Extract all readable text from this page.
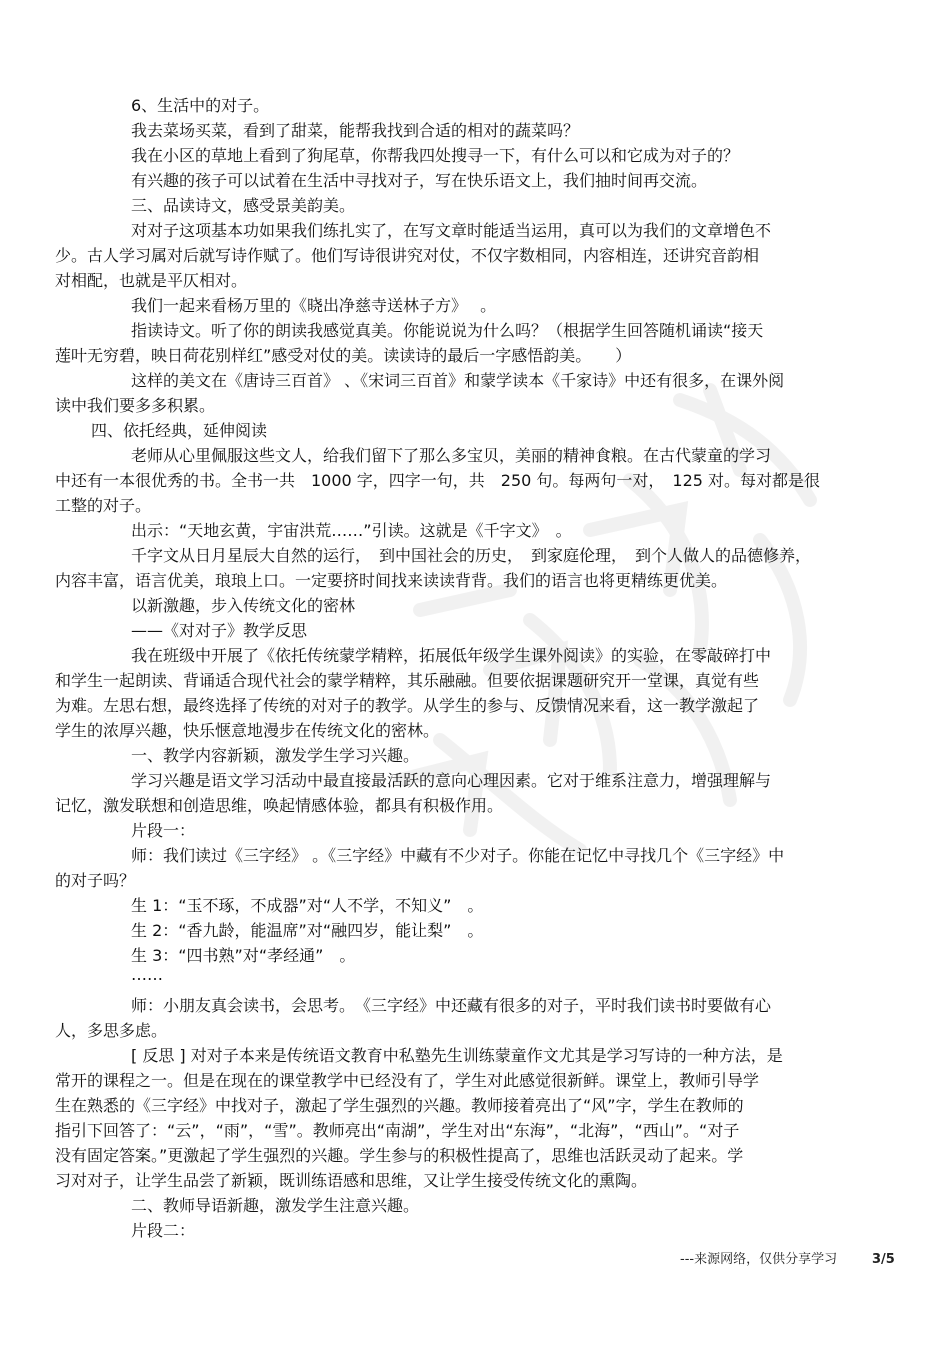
6、生活中的对子。
我去菜场买菜，看到了甜菜，能帮我找到合适的相对的蔬菜吗？
我在小区的草地上看到了狗尾草，你帮我四处搜寻一下，有什么可以和它成为对子的？
有兴趣的孩子可以试着在生活中寻找对子，写在快乐语文上，我们抽时间再交流。
三、品读诗文，感受景美韵美。
对对子这项基本功如果我们练扎实了，在写文章时能适当运用，真可以为我们的文章增色不
少。古人学习属对后就写诗作赋了。他们写诗很讲究对仗，不仅字数相同，内容相连，还讲究音韵相
对相配，也就是平仄相对。
我们一起来看杨万里的《晓出净慈寺送林子方》　 。
指读诗文。听了你的朗读我感觉真美。你能说说为什么吗？（根据学生回答随机诵读“接天
莲叶无穷碧，映日荷花别样红”感受对仗的美。读读诗的最后一字感悟韵美。　　）
这样的美文在《唐诗三百首》 、《宋词三百首》和蒙学读本《千家诗》中还有很多，在课外阅
读中我们要多多积累。
四、依托经典，延伸阅读
老师从心里佩服这些文人，给我们留下了那么多宝贝，美丽的精神食粮。在古代蒙童的学习
中还有一本很优秀的书。全书一共　1000 字，四字一句，共　250 句。每两句一对，　125 对。每对都是很
工整的对子。
出示：“天地玄黄，宇宙洪荒……”引读。这就是《千字文》　。
千字文从日月星辰大自然的运行，　到中国社会的历史，　到家庭伦理，　到个人做人的品德修养，
内容丰富，语言优美，琅琅上口。一定要挤时间找来读读背背。我们的语言也将更精练更优美。
以新激趣，步入传统文化的密林
——《对对子》教学反思
我在班级中开展了《依托传统蒙学精粹，拓展低年级学生课外阅读》的实验，在零敲碎打中
和学生一起朗读、背诵适合现代社会的蒙学精粹，其乐融融。但要依据课题研究开一堂课，真觉有些
为难。左思右想，最终选择了传统的对对子的教学。从学生的参与、反馈情况来看，这一教学激起了
学生的浓厚兴趣，快乐惬意地漫步在传统文化的密林。
一、教学内容新颖，激发学生学习兴趣。
学习兴趣是语文学习活动中最直接最活跃的意向心理因素。它对于维系注意力，增强理解与
记忆，激发联想和创造思维，唤起情感体验，都具有积极作用。
片段一：
师：我们读过《三字经》 。《三字经》中藏有不少对子。你能在记忆中寻找几个《三字经》中
的对子吗？
生 1：“玉不琢，不成器”对“人不学，不知义”　。
生 2：“香九龄，能温席”对“融四岁，能让梨”　。
生 3：“四书熟”对“孝经通”　。
……
师：小朋友真会读书，会思考。　《三字经》中还藏有很多的对子，平时我们读书时要做有心
人，多思多虑。
[ 反思 ] 对对子本来是传统语文教育中私塾先生训练蒙童作文尤其是学习写诗的一种方法，是
常开的课程之一。但是在现在的课堂教学中已经没有了，学生对此感觉很新鲜。课堂上，教师引导学
生在熟悉的《三字经》中找对子，激起了学生强烈的兴趣。教师接着亮出了“风”字，学生在教师的
指引下回答了：“云”，“雨”，“雪”。教师亮出“南湖”，学生对出“东海”，“北海”，“西山”。“对子
没有固定答案。”更激起了学生强烈的兴趣。学生参与的积极性提高了，思维也活跃灵动了起来。学
习对对子，让学生品尝了新颖，既训练语感和思维，又让学生接受传统文化的熏陶。
二、教师导语新趣，激发学生注意兴趣。
片段二：
---来源网络，仅供分享学习	3/5
